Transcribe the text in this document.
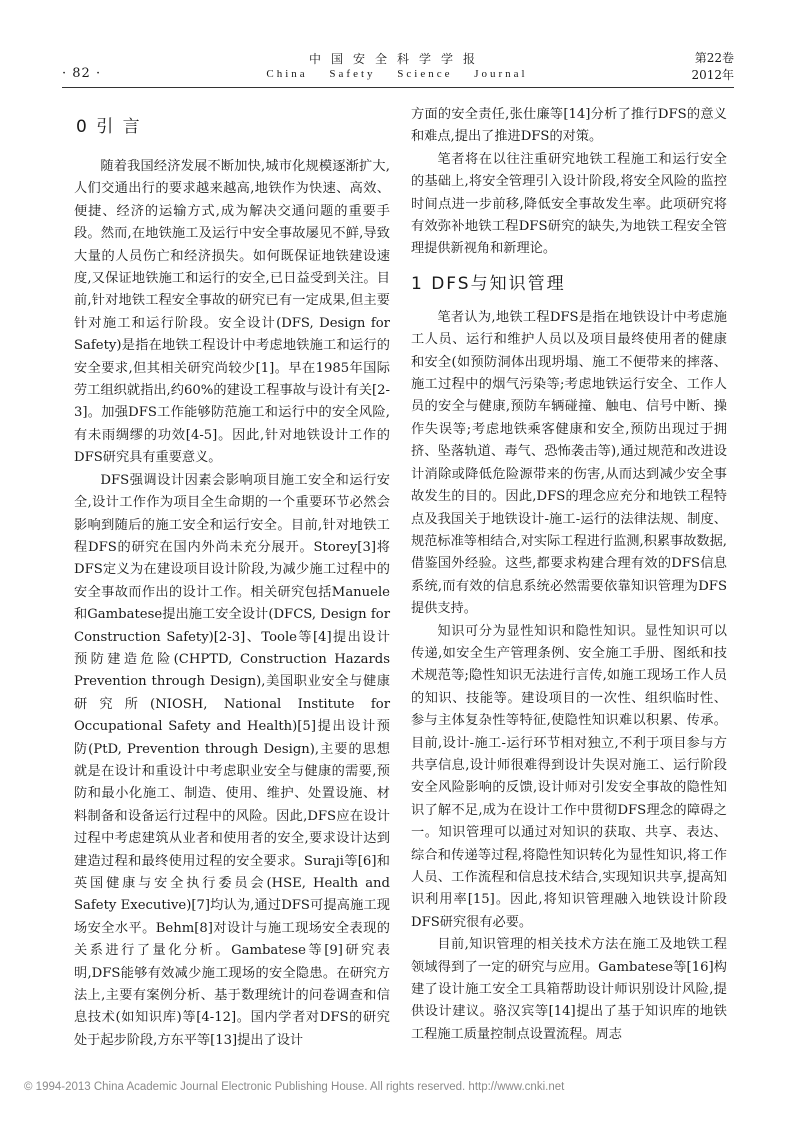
· 82 ·
中国安全科学学报
China Safety Science Journal
第22卷
2012年
0 引 言

随着我国经济发展不断加快,城市化规模逐渐扩大,人们交通出行的要求越来越高,地铁作为快速、高效、便捷、经济的运输方式,成为解决交通问题的重要手段。然而,在地铁施工及运行中安全事故屡见不鲜,导致大量的人员伤亡和经济损失。如何既保证地铁建设速度,又保证地铁施工和运行的安全,已日益受到关注。目前,针对地铁工程安全事故的研究已有一定成果,但主要针对施工和运行阶段。安全设计(DFS, Design for Safety)是指在地铁工程设计中考虑地铁施工和运行的安全要求,但其相关研究尚较少[1]。早在1985年国际劳工组织就指出,约60%的建设工程事故与设计有关[2-3]。加强DFS工作能够防范施工和运行中的安全风险,有未雨绸缪的功效[4-5]。因此,针对地铁设计工作的DFS研究具有重要意义。

DFS强调设计因素会影响项目施工安全和运行安全,设计工作作为项目全生命期的一个重要环节必然会影响到随后的施工安全和运行安全。目前,针对地铁工程DFS的研究在国内外尚未充分展开。Storey[3]将DFS定义为在建设项目设计阶段,为减少施工过程中的安全事故而作出的设计工作。相关研究包括Manuele和Gambatese提出施工安全设计(DFCS, Design for Construction Safety)[2-3]、Toole等[4]提出设计预防建造危险(CHPTD, Construction Hazards Prevention through Design),美国职业安全与健康研究所(NIOSH, National Institute for Occupational Safety and Health)[5]提出设计预防(PtD, Prevention through Design),主要的思想就是在设计和重设计中考虑职业安全与健康的需要,预防和最小化施工、制造、使用、维护、处置设施、材料制备和设备运行过程中的风险。因此,DFS应在设计过程中考虑建筑从业者和使用者的安全,要求设计达到建造过程和最终使用过程的安全要求。Suraji等[6]和英国健康与安全执行委员会(HSE, Health and Safety Executive)[7]均认为,通过DFS可提高施工现场安全水平。Behm[8]对设计与施工现场安全表现的关系进行了量化分析。Gambatese等[9]研究表明,DFS能够有效减少施工现场的安全隐患。在研究方法上,主要有案例分析、基于数理统计的问卷调查和信息技术(如知识库)等[4-12]。国内学者对DFS的研究处于起步阶段,方东平等[13]提出了设计

方面的安全责任,张仕廉等[14]分析了推行DFS的意义和难点,提出了推进DFS的对策。

笔者将在以往注重研究地铁工程施工和运行安全的基础上,将安全管理引入设计阶段,将安全风险的监控时间点进一步前移,降低安全事故发生率。此项研究将有效弥补地铁工程DFS研究的缺失,为地铁工程安全管理提供新视角和新理论。

1 DFS与知识管理

笔者认为,地铁工程DFS是指在地铁设计中考虑施工人员、运行和维护人员以及项目最终使用者的健康和安全(如预防洞体出现坍塌、施工不便带来的摔落、施工过程中的烟气污染等;考虑地铁运行安全、工作人员的安全与健康,预防车辆碰撞、触电、信号中断、操作失误等;考虑地铁乘客健康和安全,预防出现过于拥挤、坠落轨道、毒气、恐怖袭击等),通过规范和改进设计消除或降低危险源带来的伤害,从而达到减少安全事故发生的目的。因此,DFS的理念应充分和地铁工程特点及我国关于地铁设计-施工-运行的法律法规、制度、规范标准等相结合,对实际工程进行监测,积累事故数据,借鉴国外经验。这些,都要求构建合理有效的DFS信息系统,而有效的信息系统必然需要依靠知识管理为DFS提供支持。

知识可分为显性知识和隐性知识。显性知识可以传递,如安全生产管理条例、安全施工手册、图纸和技术规范等;隐性知识无法进行言传,如施工现场工作人员的知识、技能等。建设项目的一次性、组织临时性、参与主体复杂性等特征,使隐性知识难以积累、传承。目前,设计-施工-运行环节相对独立,不利于项目参与方共享信息,设计师很难得到设计失误对施工、运行阶段安全风险影响的反馈,设计师对引发安全事故的隐性知识了解不足,成为在设计工作中贯彻DFS理念的障碍之一。知识管理可以通过对知识的获取、共享、表达、综合和传递等过程,将隐性知识转化为显性知识,将工作人员、工作流程和信息技术结合,实现知识共享,提高知识利用率[15]。因此,将知识管理融入地铁设计阶段DFS研究很有必要。

目前,知识管理的相关技术方法在施工及地铁工程领域得到了一定的研究与应用。Gambatese等[16]构建了设计施工安全工具箱帮助设计师识别设计风险,提供设计建议。骆汉宾等[14]提出了基于知识库的地铁工程施工质量控制点设置流程。周志

© 1994-2013 China Academic Journal Electronic Publishing House. All rights reserved. http://www.cnki.net
